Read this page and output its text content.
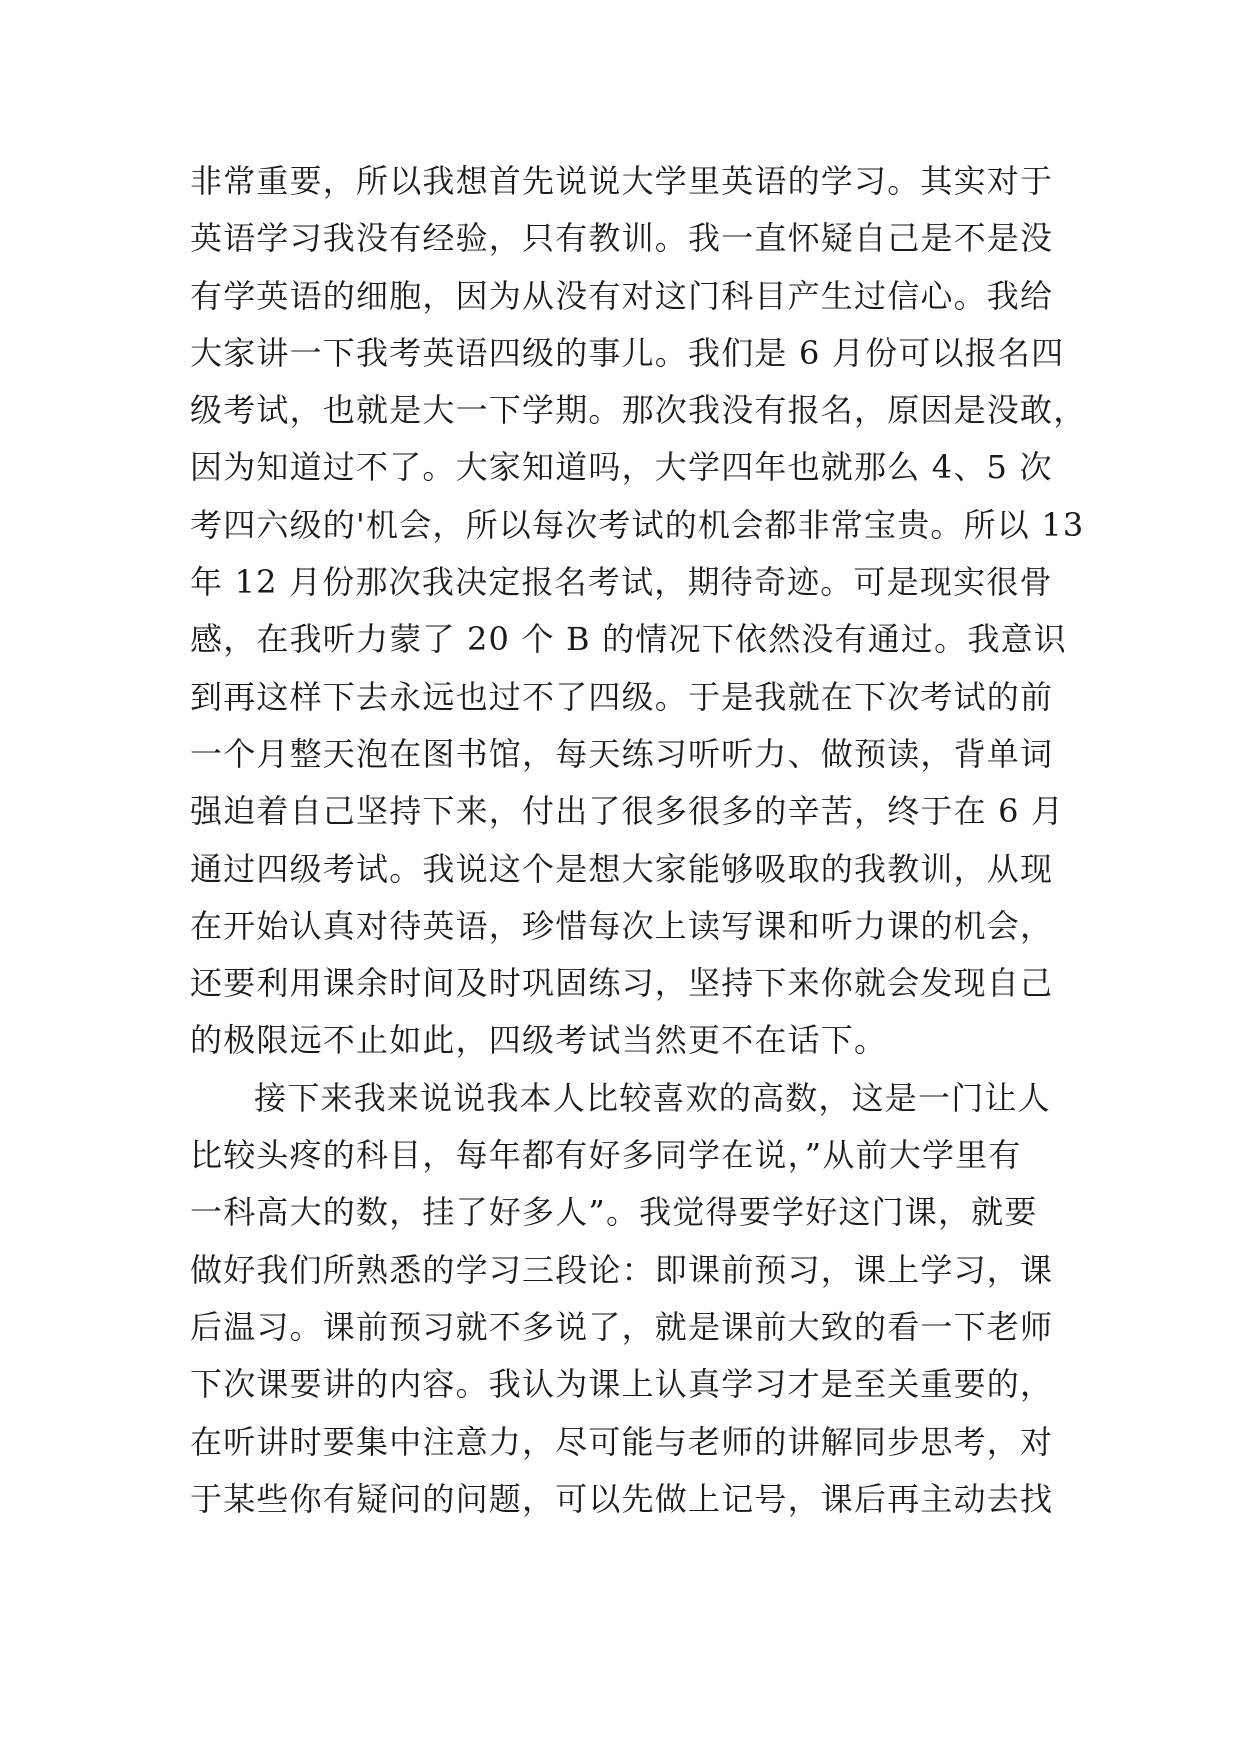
非常重要，所以我想首先说说大学里英语的学习。其实对于
英语学习我没有经验，只有教训。我一直怀疑自己是不是没
有学英语的细胞，因为从没有对这门科目产生过信心。我给
大家讲一下我考英语四级的事儿。我们是 6 月份可以报名四
级考试，也就是大一下学期。那次我没有报名，原因是没敢，
因为知道过不了。大家知道吗，大学四年也就那么 4、5 次
考四六级的'机会，所以每次考试的机会都非常宝贵。所以 13
年 12 月份那次我决定报名考试，期待奇迹。可是现实很骨
感，在我听力蒙了 20 个 B 的情况下依然没有通过。我意识
到再这样下去永远也过不了四级。于是我就在下次考试的前
一个月整天泡在图书馆，每天练习听听力、做预读，背单词
强迫着自己坚持下来，付出了很多很多的辛苦，终于在 6 月
通过四级考试。我说这个是想大家能够吸取的我教训，从现
在开始认真对待英语，珍惜每次上读写课和听力课的机会，
还要利用课余时间及时巩固练习，坚持下来你就会发现自己
的极限远不止如此，四级考试当然更不在话下。
接下来我来说说我本人比较喜欢的高数，这是一门让人
比较头疼的科目，每年都有好多同学在说，”从前大学里有
一科高大的数，挂了好多人”。我觉得要学好这门课，就要
做好我们所熟悉的学习三段论：即课前预习，课上学习，课
后温习。课前预习就不多说了，就是课前大致的看一下老师
下次课要讲的内容。我认为课上认真学习才是至关重要的，
在听讲时要集中注意力，尽可能与老师的讲解同步思考，对
于某些你有疑问的问题，可以先做上记号，课后再主动去找
